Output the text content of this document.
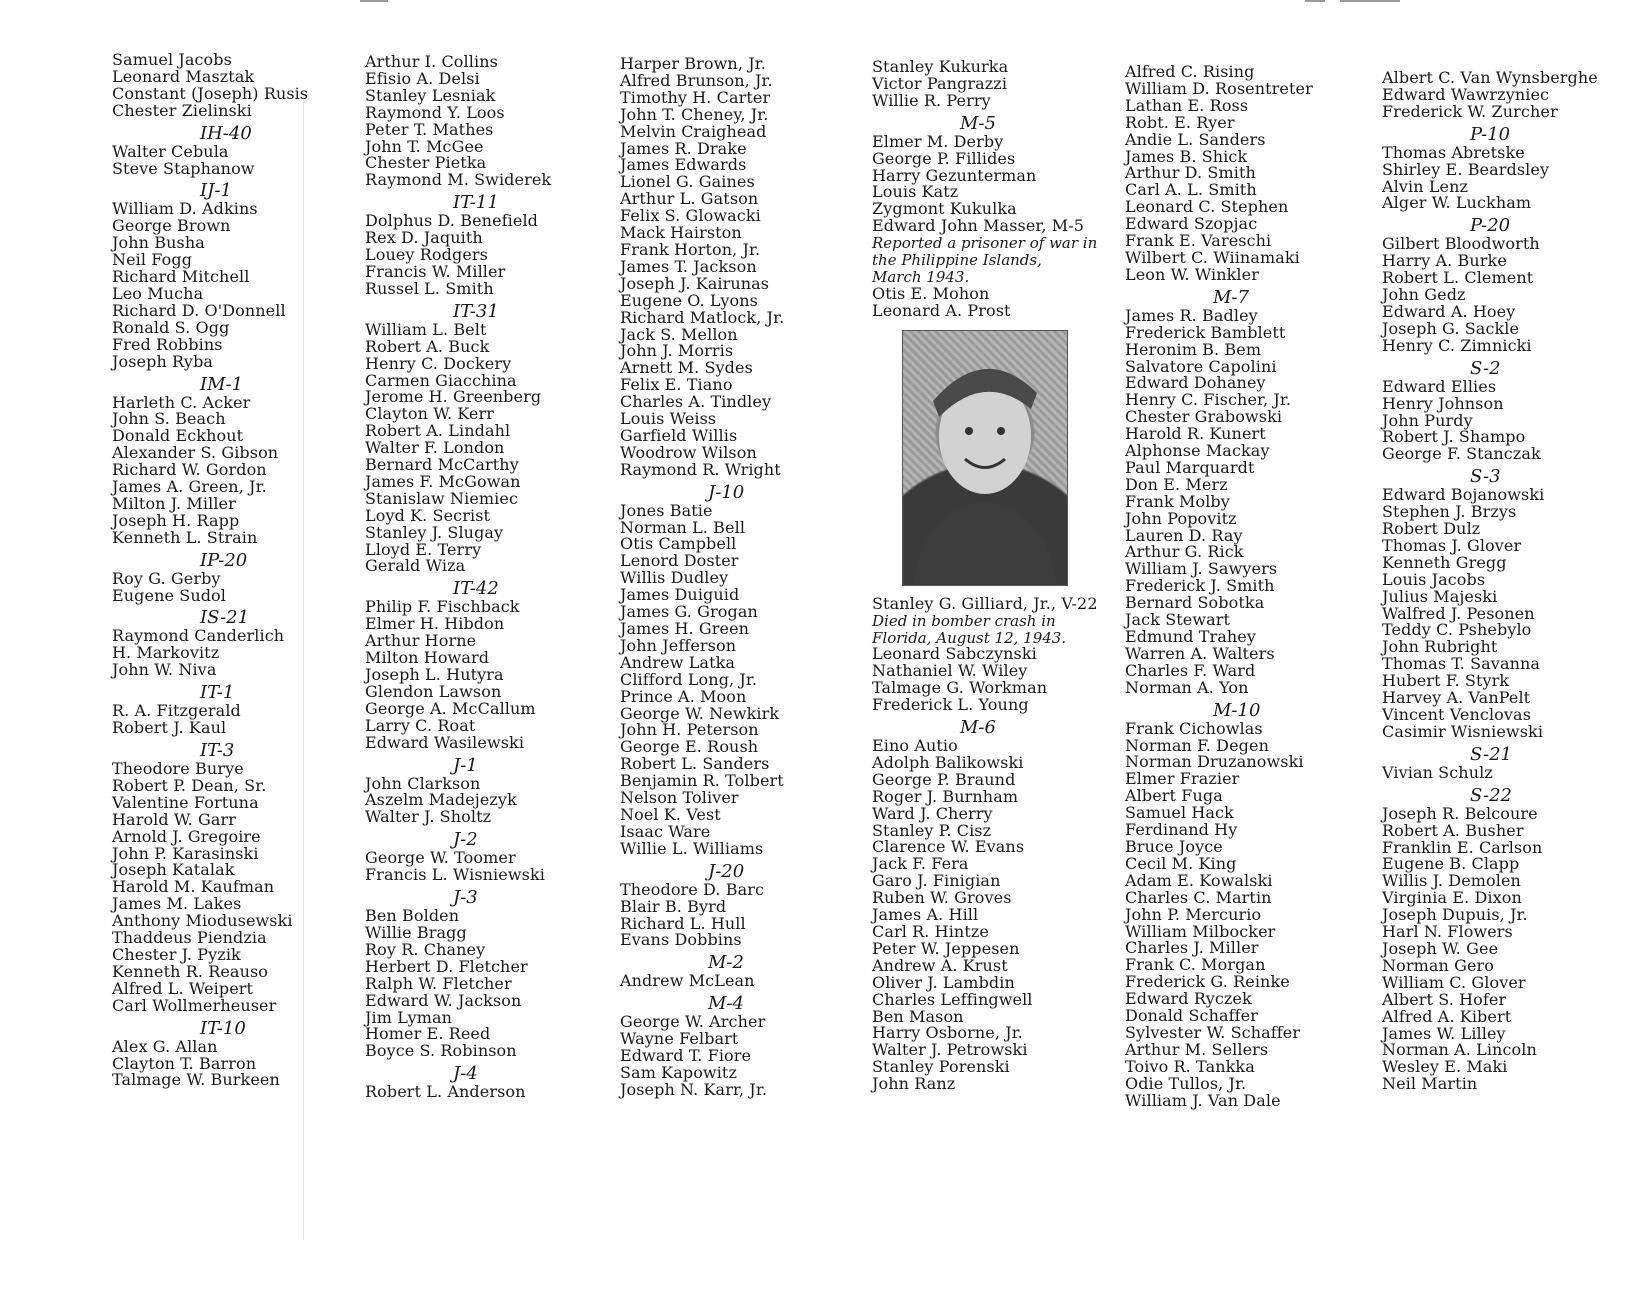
Samuel Jacobs
Leonard Masztak
Constant (Joseph) Rusis
Chester Zielinski
IH-40
Walter Cebula
Steve Staphanow
IJ-1
William D. Adkins
George Brown
John Busha
Neil Fogg
Richard Mitchell
Leo Mucha
Richard D. O'Donnell
Ronald S. Ogg
Fred Robbins
Joseph Ryba
IM-1
Harleth C. Acker
John S. Beach
Donald Eckhout
Alexander S. Gibson
Richard W. Gordon
James A. Green, Jr.
Milton J. Miller
Joseph H. Rapp
Kenneth L. Strain
IP-20
Roy G. Gerby
Eugene Sudol
IS-21
Raymond Canderlich
H. Markovitz
John W. Niva
IT-1
R. A. Fitzgerald
Robert J. Kaul
IT-3
Theodore Burye
Robert P. Dean, Sr.
Valentine Fortuna
Harold W. Garr
Arnold J. Gregoire
John P. Karasinski
Joseph Katalak
Harold M. Kaufman
James M. Lakes
Anthony Miodusewski
Thaddeus Piendzia
Chester J. Pyzik
Kenneth R. Reauso
Alfred L. Weipert
Carl Wollmerheuser
IT-10
Alex G. Allan
Clayton T. Barron
Talmage W. Burkeen
Arthur I. Collins
Efisio A. Delsi
Stanley Lesniak
Raymond Y. Loos
Peter T. Mathes
John T. McGee
Chester Pietka
Raymond M. Swiderek
IT-11
Dolphus D. Benefield
Rex D. Jaquith
Louey Rodgers
Francis W. Miller
Russel L. Smith
IT-31
William L. Belt
Robert A. Buck
Henry C. Dockery
Carmen Giacchina
Jerome H. Greenberg
Clayton W. Kerr
Robert A. Lindahl
Walter F. London
Bernard McCarthy
James F. McGowan
Stanislaw Niemiec
Loyd K. Secrist
Stanley J. Slugay
Lloyd E. Terry
Gerald Wiza
IT-42
Philip F. Fischback
Elmer H. Hibdon
Arthur Horne
Milton Howard
Joseph L. Hutyra
Glendon Lawson
George A. McCallum
Larry C. Roat
Edward Wasilewski
J-1
John Clarkson
Aszelm Madejezyk
Walter J. Sholtz
J-2
George W. Toomer
Francis L. Wisniewski
J-3
Ben Bolden
Willie Bragg
Roy R. Chaney
Herbert D. Fletcher
Ralph W. Fletcher
Edward W. Jackson
Jim Lyman
Homer E. Reed
Boyce S. Robinson
J-4
Robert L. Anderson
Harper Brown, Jr.
Alfred Brunson, Jr.
Timothy H. Carter
John T. Cheney, Jr.
Melvin Craighead
James R. Drake
James Edwards
Lionel G. Gaines
Arthur L. Gatson
Felix S. Glowacki
Mack Hairston
Frank Horton, Jr.
James T. Jackson
Joseph J. Kairunas
Eugene O. Lyons
Richard Matlock, Jr.
Jack S. Mellon
John J. Morris
Arnett M. Sydes
Felix E. Tiano
Charles A. Tindley
Louis Weiss
Garfield Willis
Woodrow Wilson
Raymond R. Wright
J-10
Jones Batie
Norman L. Bell
Otis Campbell
Lenord Doster
Willis Dudley
James Duiguid
James G. Grogan
James H. Green
John Jefferson
Andrew Latka
Clifford Long, Jr.
Prince A. Moon
George W. Newkirk
John H. Peterson
George E. Roush
Robert L. Sanders
Benjamin R. Tolbert
Nelson Toliver
Noel K. Vest
Isaac Ware
Willie L. Williams
J-20
Theodore D. Barc
Blair B. Byrd
Richard L. Hull
Evans Dobbins
M-2
Andrew McLean
M-4
George W. Archer
Wayne Felbart
Edward T. Fiore
Sam Kapowitz
Joseph N. Karr, Jr.
Stanley Kukurka
Victor Pangrazzi
Willie R. Perry
M-5
Elmer M. Derby
George P. Fillides
Harry Gezunterman
Louis Katz
Zygmont Kukulka
Edward John Masser, M-5
Reported a prisoner of war in
the Philippine Islands,
March 1943.
Otis E. Mohon
Leonard A. Prost
Stanley G. Gilliard, Jr., V-22
Died in bomber crash in
Florida, August 12, 1943.
Leonard Sabczynski
Nathaniel W. Wiley
Talmage G. Workman
Frederick L. Young
M-6
Eino Autio
Adolph Balikowski
George P. Braund
Roger J. Burnham
Ward J. Cherry
Stanley P. Cisz
Clarence W. Evans
Jack F. Fera
Garo J. Finigian
Ruben W. Groves
James A. Hill
Carl R. Hintze
Peter W. Jeppesen
Andrew A. Krust
Oliver J. Lambdin
Charles Leffingwell
Ben Mason
Harry Osborne, Jr.
Walter J. Petrowski
Stanley Porenski
John Ranz
Alfred C. Rising
William D. Rosentreter
Lathan E. Ross
Robt. E. Ryer
Andie L. Sanders
James B. Shick
Arthur D. Smith
Carl A. L. Smith
Leonard C. Stephen
Edward Szopjac
Frank E. Vareschi
Wilbert C. Wiinamaki
Leon W. Winkler
M-7
James R. Badley
Frederick Bamblett
Heronim B. Bem
Salvatore Capolini
Edward Dohaney
Henry C. Fischer, Jr.
Chester Grabowski
Harold R. Kunert
Alphonse Mackay
Paul Marquardt
Don E. Merz
Frank Molby
John Popovitz
Lauren D. Ray
Arthur G. Rick
William J. Sawyers
Frederick J. Smith
Bernard Sobotka
Jack Stewart
Edmund Trahey
Warren A. Walters
Charles F. Ward
Norman A. Yon
M-10
Frank Cichowlas
Norman F. Degen
Norman Druzanowski
Elmer Frazier
Albert Fuga
Samuel Hack
Ferdinand Hy
Bruce Joyce
Cecil M. King
Adam E. Kowalski
Charles C. Martin
John P. Mercurio
William Milbocker
Charles J. Miller
Frank C. Morgan
Frederick G. Reinke
Edward Ryczek
Donald Schaffer
Sylvester W. Schaffer
Arthur M. Sellers
Toivo R. Tankka
Odie Tullos, Jr.
William J. Van Dale
Albert C. Van Wynsberghe
Edward Wawrzyniec
Frederick W. Zurcher
P-10
Thomas Abretske
Shirley E. Beardsley
Alvin Lenz
Alger W. Luckham
P-20
Gilbert Bloodworth
Harry A. Burke
Robert L. Clement
John Gedz
Edward A. Hoey
Joseph G. Sackle
Henry C. Zimnicki
S-2
Edward Ellies
Henry Johnson
John Purdy
Robert J. Shampo
George F. Stanczak
S-3
Edward Bojanowski
Stephen J. Brzys
Robert Dulz
Thomas J. Glover
Kenneth Gregg
Louis Jacobs
Julius Majeski
Walfred J. Pesonen
Teddy C. Pshebylo
John Rubright
Thomas T. Savanna
Hubert F. Styrk
Harvey A. VanPelt
Vincent Venclovas
Casimir Wisniewski
S-21
Vivian Schulz
S-22
Joseph R. Belcoure
Robert A. Busher
Franklin E. Carlson
Eugene B. Clapp
Willis J. Demolen
Virginia E. Dixon
Joseph Dupuis, Jr.
Harl N. Flowers
Joseph W. Gee
Norman Gero
William C. Glover
Albert S. Hofer
Alfred A. Kibert
James W. Lilley
Norman A. Lincoln
Wesley E. Maki
Neil Martin
